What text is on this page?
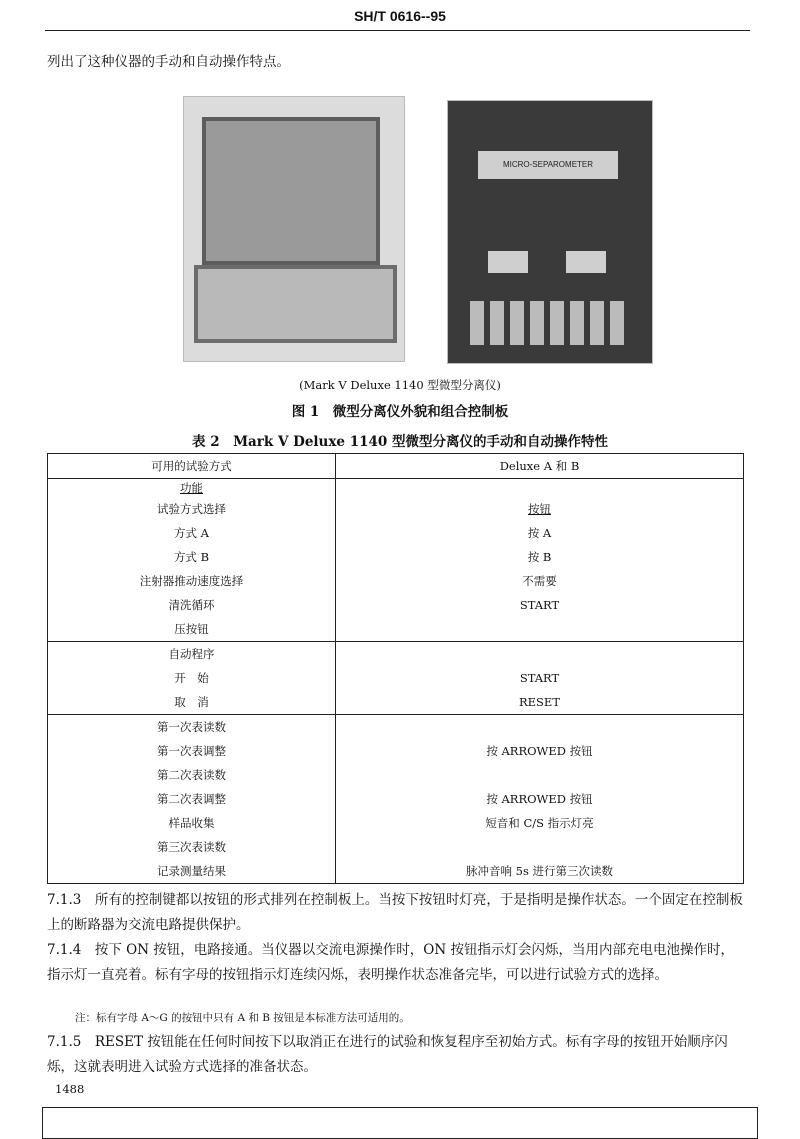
SH/T 0616--95
列出了这种仪器的手动和自动操作特点。
MICRO-SEPAROMETER
(Mark V Deluxe 1140 型微型分离仪)
图 1　微型分离仪外貌和组合控制板
表 2　Mark V Deluxe 1140 型微型分离仪的手动和自动操作特性
可用的试验方式	Deluxe A 和 B
功能	
试验方式选择	按钮
方式 A	按 A
方式 B	按 B
注射器推动速度选择	不需要
清洗循环	START
压按钮	
自动程序	
开　始	START
取　消	RESET
第一次表读数	
第一次表调整	按 ARROWED 按钮
第二次表读数	
第二次表调整	按 ARROWED 按钮
样品收集	短音和 C/S 指示灯亮
第三次表读数	
记录测量结果	脉冲音响 5s 进行第三次读数
7.1.3　所有的控制键都以按钮的形式排列在控制板上。当按下按钮时灯亮，于是指明是操作状态。一个固定在控制板上的断路器为交流电路提供保护。
7.1.4　按下 ON 按钮，电路接通。当仪器以交流电源操作时，ON 按钮指示灯会闪烁，当用内部充电电池操作时，指示灯一直亮着。标有字母的按钮指示灯连续闪烁，表明操作状态准备完毕，可以进行试验方式的选择。
注：标有字母 A～G 的按钮中只有 A 和 B 按钮是本标准方法可适用的。
7.1.5　RESET 按钮能在任何时间按下以取消正在进行的试验和恢复程序至初始方式。标有字母的按钮开始顺序闪烁，这就表明进入试验方式选择的准备状态。
1488
